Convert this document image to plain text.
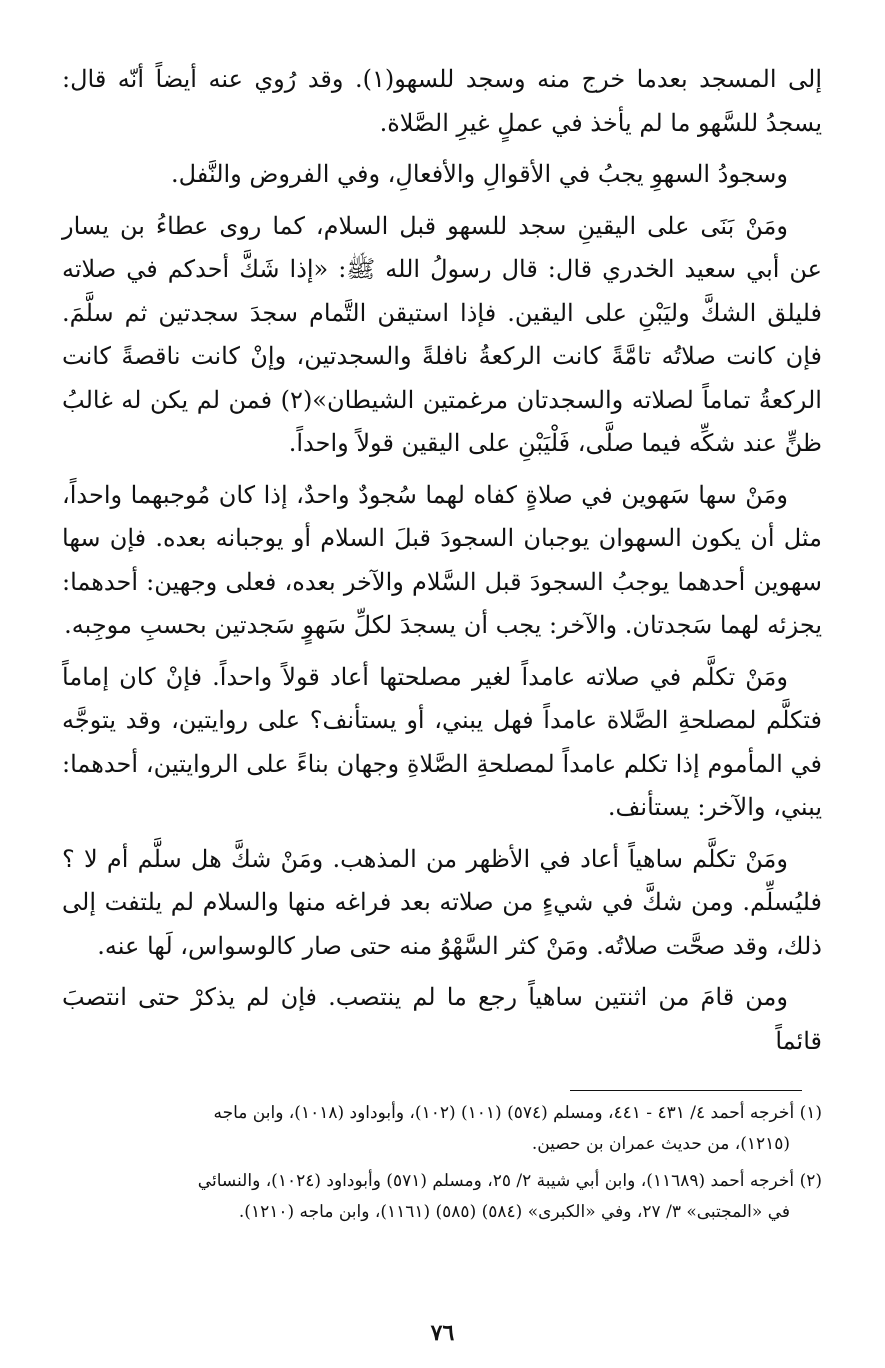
إلى المسجد بعدما خرج منه وسجد للسهو(١). وقد رُوي عنه أيضاً أنّه قال: يسجدُ للسَّهو ما لم يأخذ في عملٍ غيرِ الصَّلاة.

وسجودُ السهوِ يجبُ في الأقوالِ والأفعالِ، وفي الفروض والنَّفل.

ومَنْ بَنَى على اليقينِ سجد للسهو قبل السلام، كما روى عطاءُ بن يسار عن أبي سعيد الخدري قال: قال رسولُ الله ﷺ: «إذا شَكَّ أحدكم في صلاته فليلق الشكَّ وليَبْنِ على اليقين. فإذا استيقن التَّمام سجدَ سجدتين ثم سلَّمَ. فإن كانت صلاتُه تامَّةً كانت الركعةُ نافلةً والسجدتين، وإنْ كانت ناقصةً كانت الركعةُ تماماً لصلاته والسجدتان مرغمتين الشيطان»(٢) فمن لم يكن له غالبُ ظنٍّ عند شكِّه فيما صلَّى، فَلْيَبْنِ على اليقين قولاً واحداً.

ومَنْ سها سَهوين في صلاةٍ كفاه لهما سُجودٌ واحدٌ، إذا كان مُوجبهما واحداً، مثل أن يكون السهوان يوجبان السجودَ قبلَ السلام أو يوجبانه بعده. فإن سها سهوين أحدهما يوجبُ السجودَ قبل السَّلام والآخر بعده، فعلى وجهين: أحدهما: يجزئه لهما سَجدتان. والآخر: يجب أن يسجدَ لكلِّ سَهوٍ سَجدتين بحسبِ موجِبه.

ومَنْ تكلَّم في صلاته عامداً لغير مصلحتها أعاد قولاً واحداً. فإنْ كان إماماً فتكلَّم لمصلحةِ الصَّلاة عامداً فهل يبني، أو يستأنف؟ على روايتين، وقد يتوجَّه في المأموم إذا تكلم عامداً لمصلحةِ الصَّلاةِ وجهان بناءً على الروايتين، أحدهما: يبني، والآخر: يستأنف.

ومَنْ تكلَّم ساهياً أعاد في الأظهر من المذهب. ومَنْ شكَّ هل سلَّم أم لا ؟ فليُسلِّم. ومن شكَّ في شيءٍ من صلاته بعد فراغه منها والسلام لم يلتفت إلى ذلك، وقد صحَّت صلاتُه. ومَنْ كثر السَّهْوُ منه حتى صار كالوسواس، لَها عنه.

ومن قامَ من اثنتين ساهياً رجع ما لم ينتصب. فإن لم يذكرْ حتى انتصبَ قائماً

(١) أخرجه أحمد ٤/ ٤٣١ - ٤٤١، ومسلم (٥٧٤) (١٠١) (١٠٢)، وأبوداود (١٠١٨)، وابن ماجه
(١٢١٥)، من حديث عمران بن حصين.

(٢) أخرجه أحمد (١١٦٨٩)، وابن أبي شيبة ٢/ ٢٥، ومسلم (٥٧١) وأبوداود (١٠٢٤)، والنسائي
في «المجتبى» ٣/ ٢٧، وفي «الكبرى» (٥٨٤) (٥٨٥) (١١٦١)، وابن ماجه (١٢١٠).

٧٦
